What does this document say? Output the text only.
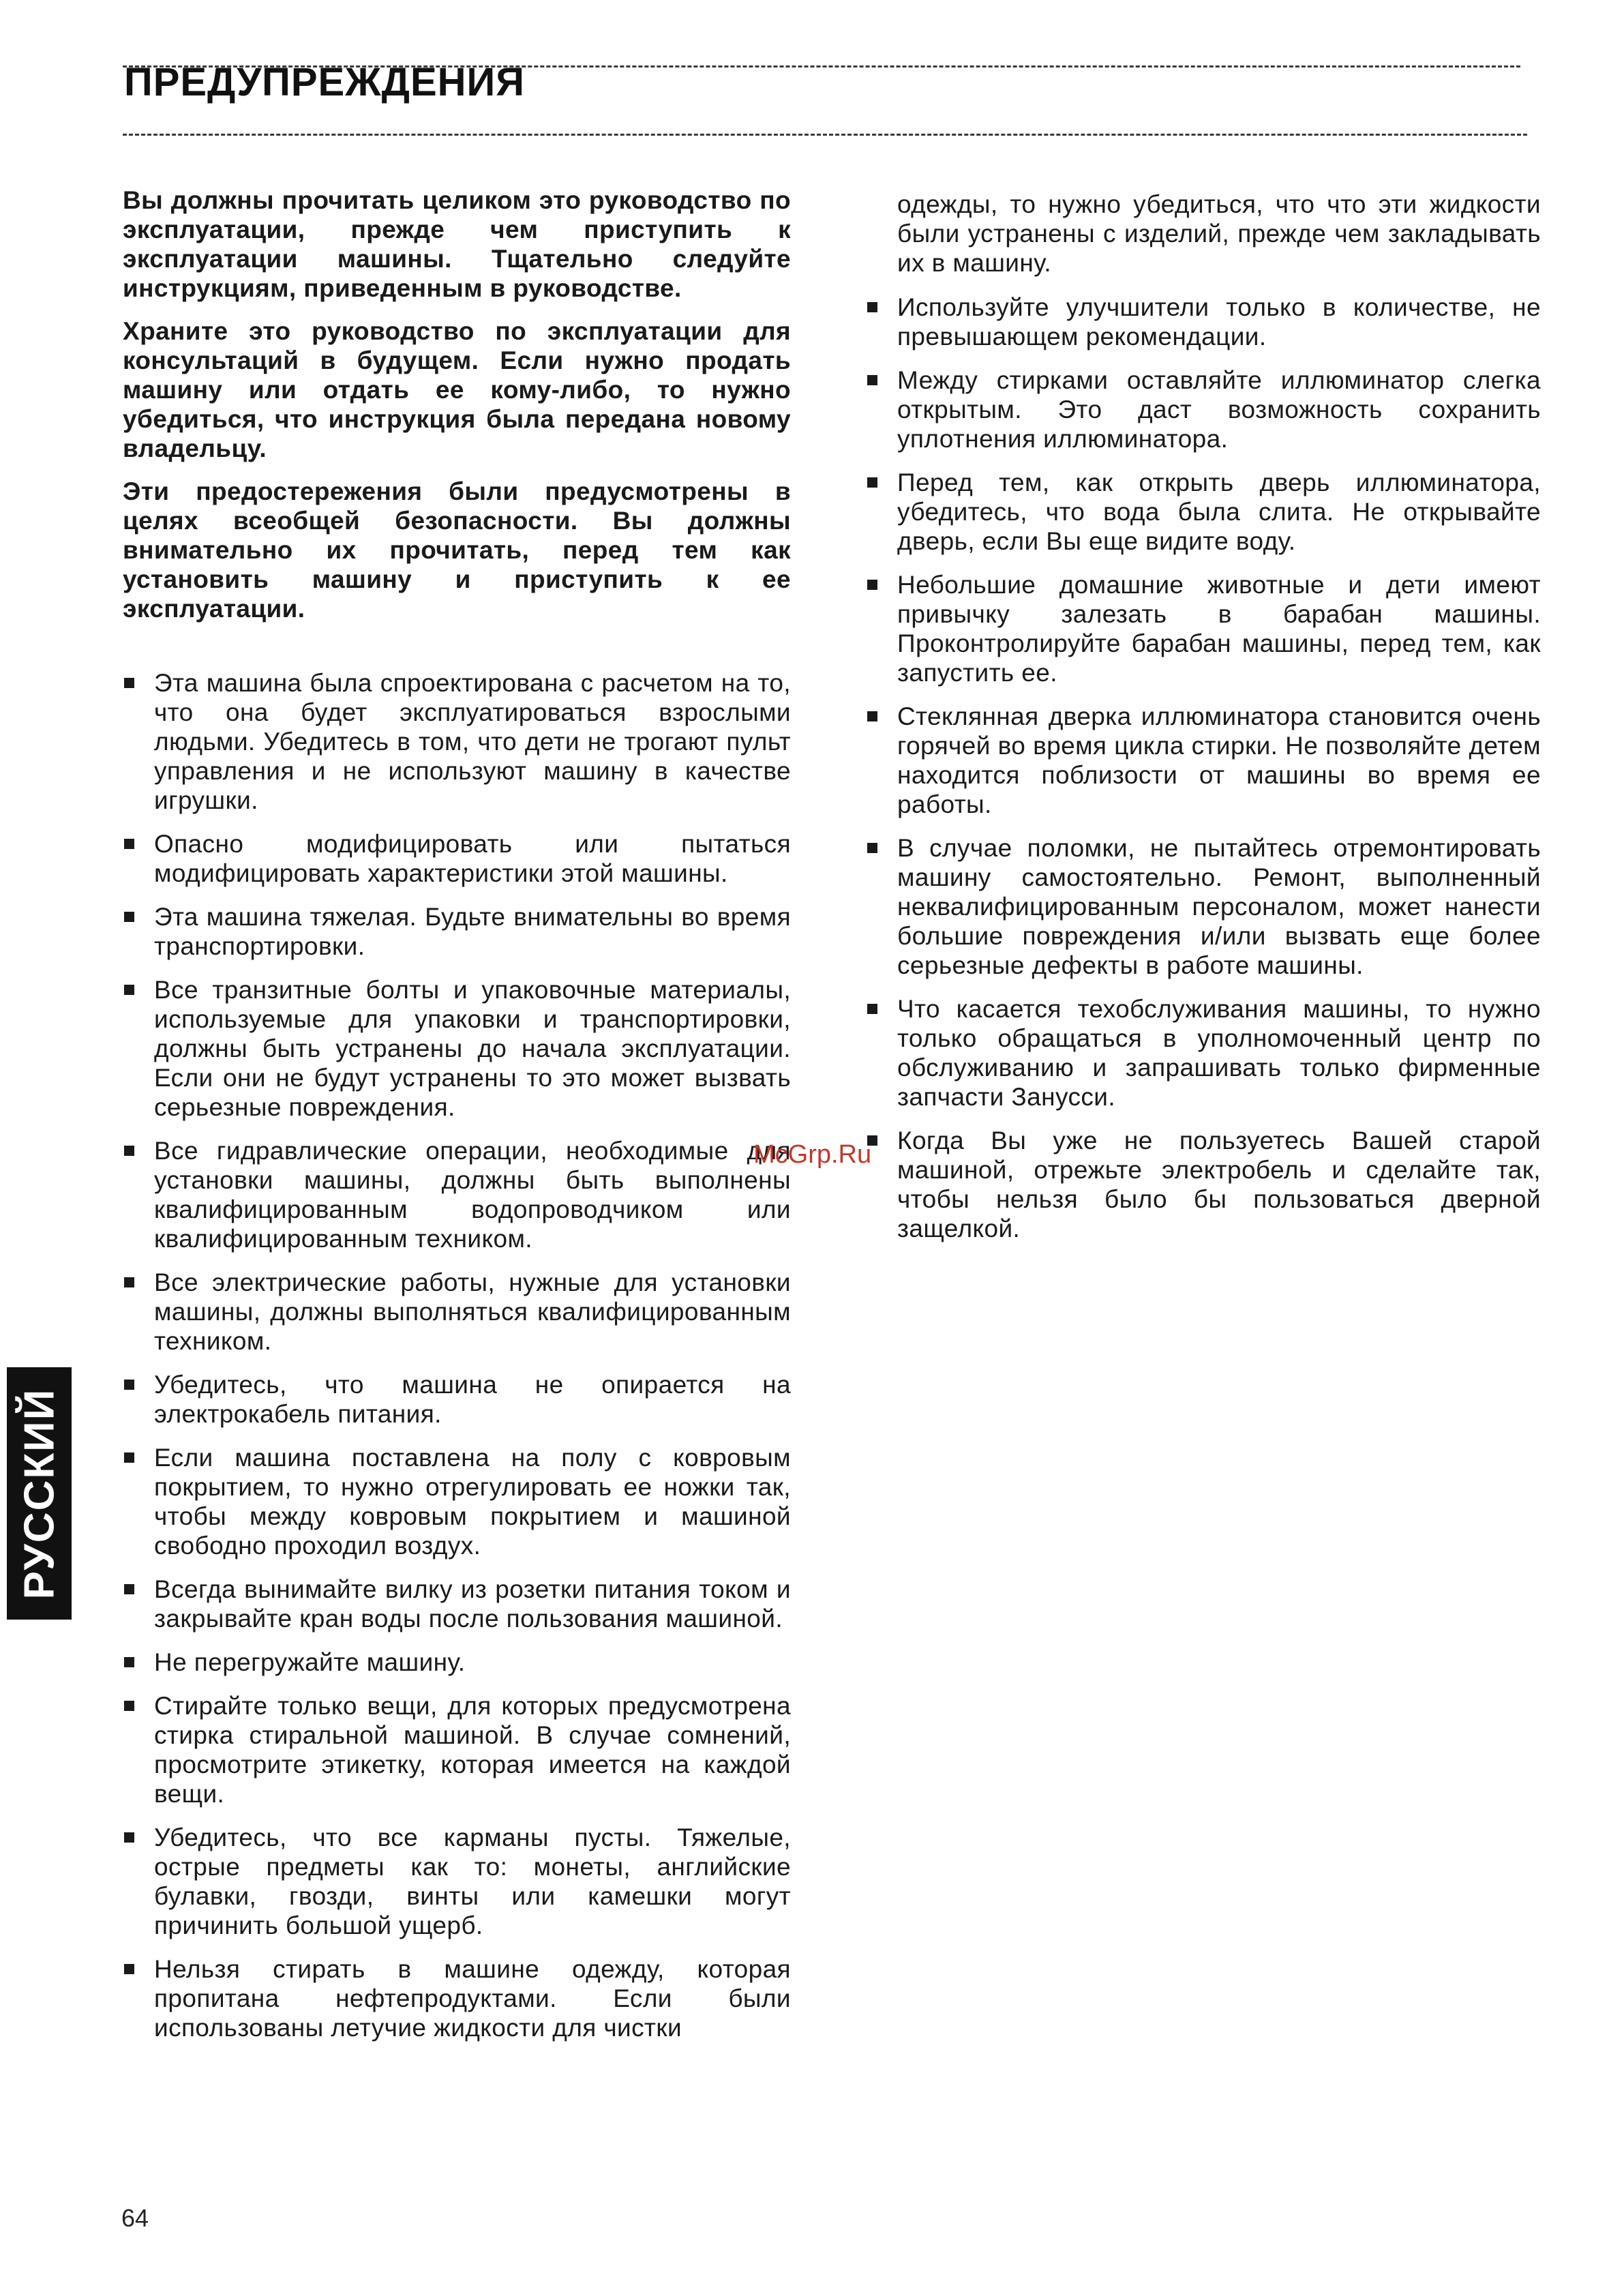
ПРЕДУПРЕЖДЕНИЯ

Вы должны прочитать целиком это руководство по эксплуатации, прежде чем приступить к эксплуатации машины. Тщательно следуйте инструкциям, приведенным в руководстве.

Храните это руководство по эксплуатации для консультаций в будущем. Если нужно продать машину или отдать ее кому-либо, то нужно убедиться, что инструкция была передана новому владельцу.

Эти предостережения были предусмотрены в целях всеобщей безопасности. Вы должны внимательно их прочитать, перед тем как установить машину и приступить к ее эксплуатации.

Эта машина была спроектирована с расчетом на то, что она будет эксплуатироваться взрослыми людьми. Убедитесь в том, что дети не трогают пульт управления и не используют машину в качестве игрушки.
Опасно модифицировать или пытаться модифицировать характеристики этой машины.
Эта машина тяжелая. Будьте внимательны во время транспортировки.
Все транзитные болты и упаковочные материалы, используемые для упаковки и транспортировки, должны быть устранены до начала эксплуатации. Если они не будут устранены то это может вызвать серьезные повреждения.
Все гидравлические операции, необходимые для установки машины, должны быть выполнены квалифицированным водопроводчиком или квалифицированным техником.
Все электрические работы, нужные для установки машины, должны выполняться квалифицированным техником.
Убедитесь, что машина не опирается на электрокабель питания.
Если машина поставлена на полу с ковровым покрытием, то нужно отрегулировать ее ножки так, чтобы между ковровым покрытием и машиной свободно проходил воздух.
Всегда вынимайте вилку из розетки питания током и закрывайте кран воды после пользования машиной.
Не перегружайте машину.
Стирайте только вещи, для которых предусмотрена стирка стиральной машиной. В случае сомнений, просмотрите этикетку, которая имеется на каждой вещи.
Убедитесь, что все карманы пусты. Тяжелые, острые предметы как то: монеты, английские булавки, гвозди, винты или камешки могут причинить большой ущерб.
Нельзя стирать в машине одежду, которая пропитана нефтепродуктами. Если были использованы летучие жидкости для чистки

одежды, то нужно убедиться, что что эти жидкости были устранены с изделий, прежде чем закладывать их в машину.

Используйте улучшители только в количестве, не превышающем рекомендации.
Между стирками оставляйте иллюминатор слегка открытым. Это даст возможность сохранить уплотнения иллюминатора.
Перед тем, как открыть дверь иллюминатора, убедитесь, что вода была слита. Не открывайте дверь, если Вы еще видите воду.
Небольшие домашние животные и дети имеют привычку залезать в барабан машины. Проконтролируйте барабан машины, перед тем, как запустить ее.
Стеклянная дверка иллюминатора становится очень горячей во время цикла стирки. Не позволяйте детем находится поблизости от машины во время ее работы.
В случае поломки, не пытайтесь отремонтировать машину самостоятельно. Ремонт, выполненный неквалифицированным персоналом, может нанести большие повреждения и/или вызвать еще более серьезные дефекты в работе машины.
Что касается техобслуживания машины, то нужно только обращаться в уполномоченный центр по обслуживанию и запрашивать только фирменные запчасти Занусси.
Когда Вы уже не пользуетесь Вашей старой машиной, отрежьте электробель и сделайте так, чтобы нельзя было бы пользоваться дверной защелкой.
РУССКИЙ
McGrp.Ru
64
